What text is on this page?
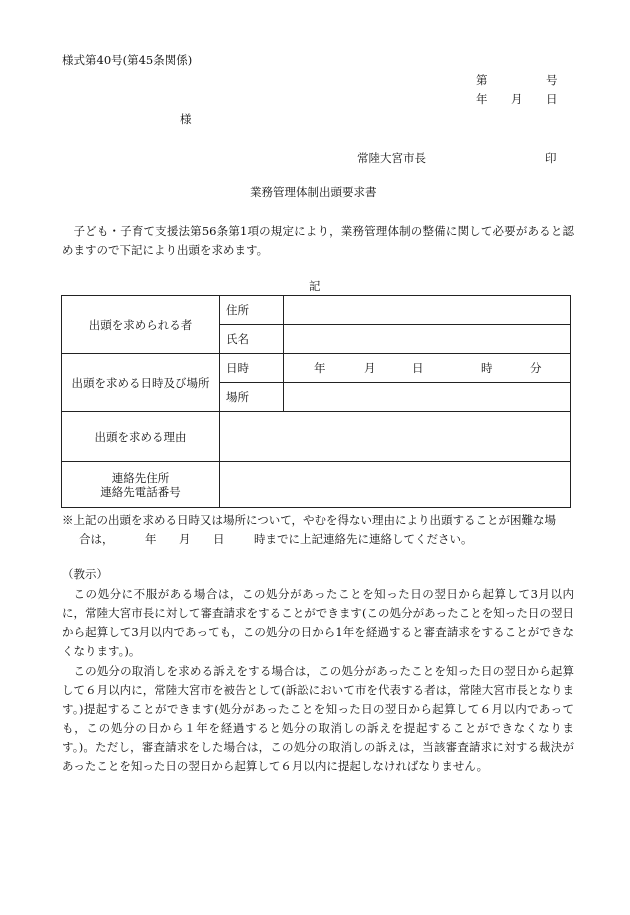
様式第40号(第45条関係)
第	号
年 月 日
様
常陸大宮市長	印
業務管理体制出頭要求書
子ども・子育て支援法第56条第1項の規定により，業務管理体制の整備に関して必要があると認めますので下記により出頭を求めます。
記
出頭を求められる者	住所	
	氏名	
出頭を求める日時及び場所	日時	年 月 日 時 分

	場所	
出頭を求める理由		

連絡先住所
連絡先電話番号		

※上記の出頭を求める日時又は場所について，やむを得ない理由により出頭することが困難な場
合は，	年 月 日	時までに上記連絡先に連絡してください。
（教示）
この処分に不服がある場合は，この処分があったことを知った日の翌日から起算して3月以内に，常陸大宮市長に対して審査請求をすることができます(この処分があったことを知った日の翌日から起算して3月以内であっても，この処分の日から1年を経過すると審査請求をすることができなくなります。)。
この処分の取消しを求める訴えをする場合は，この処分があったことを知った日の翌日から起算して６月以内に，常陸大宮市を被告として(訴訟において市を代表する者は，常陸大宮市長となります。)提起することができます(処分があったことを知った日の翌日から起算して６月以内であっても，この処分の日から１年を経過すると処分の取消しの訴えを提起することができなくなります。)。ただし，審査請求をした場合は，この処分の取消しの訴えは，当該審査請求に対する裁決があったことを知った日の翌日から起算して６月以内に提起しなければなりません。
